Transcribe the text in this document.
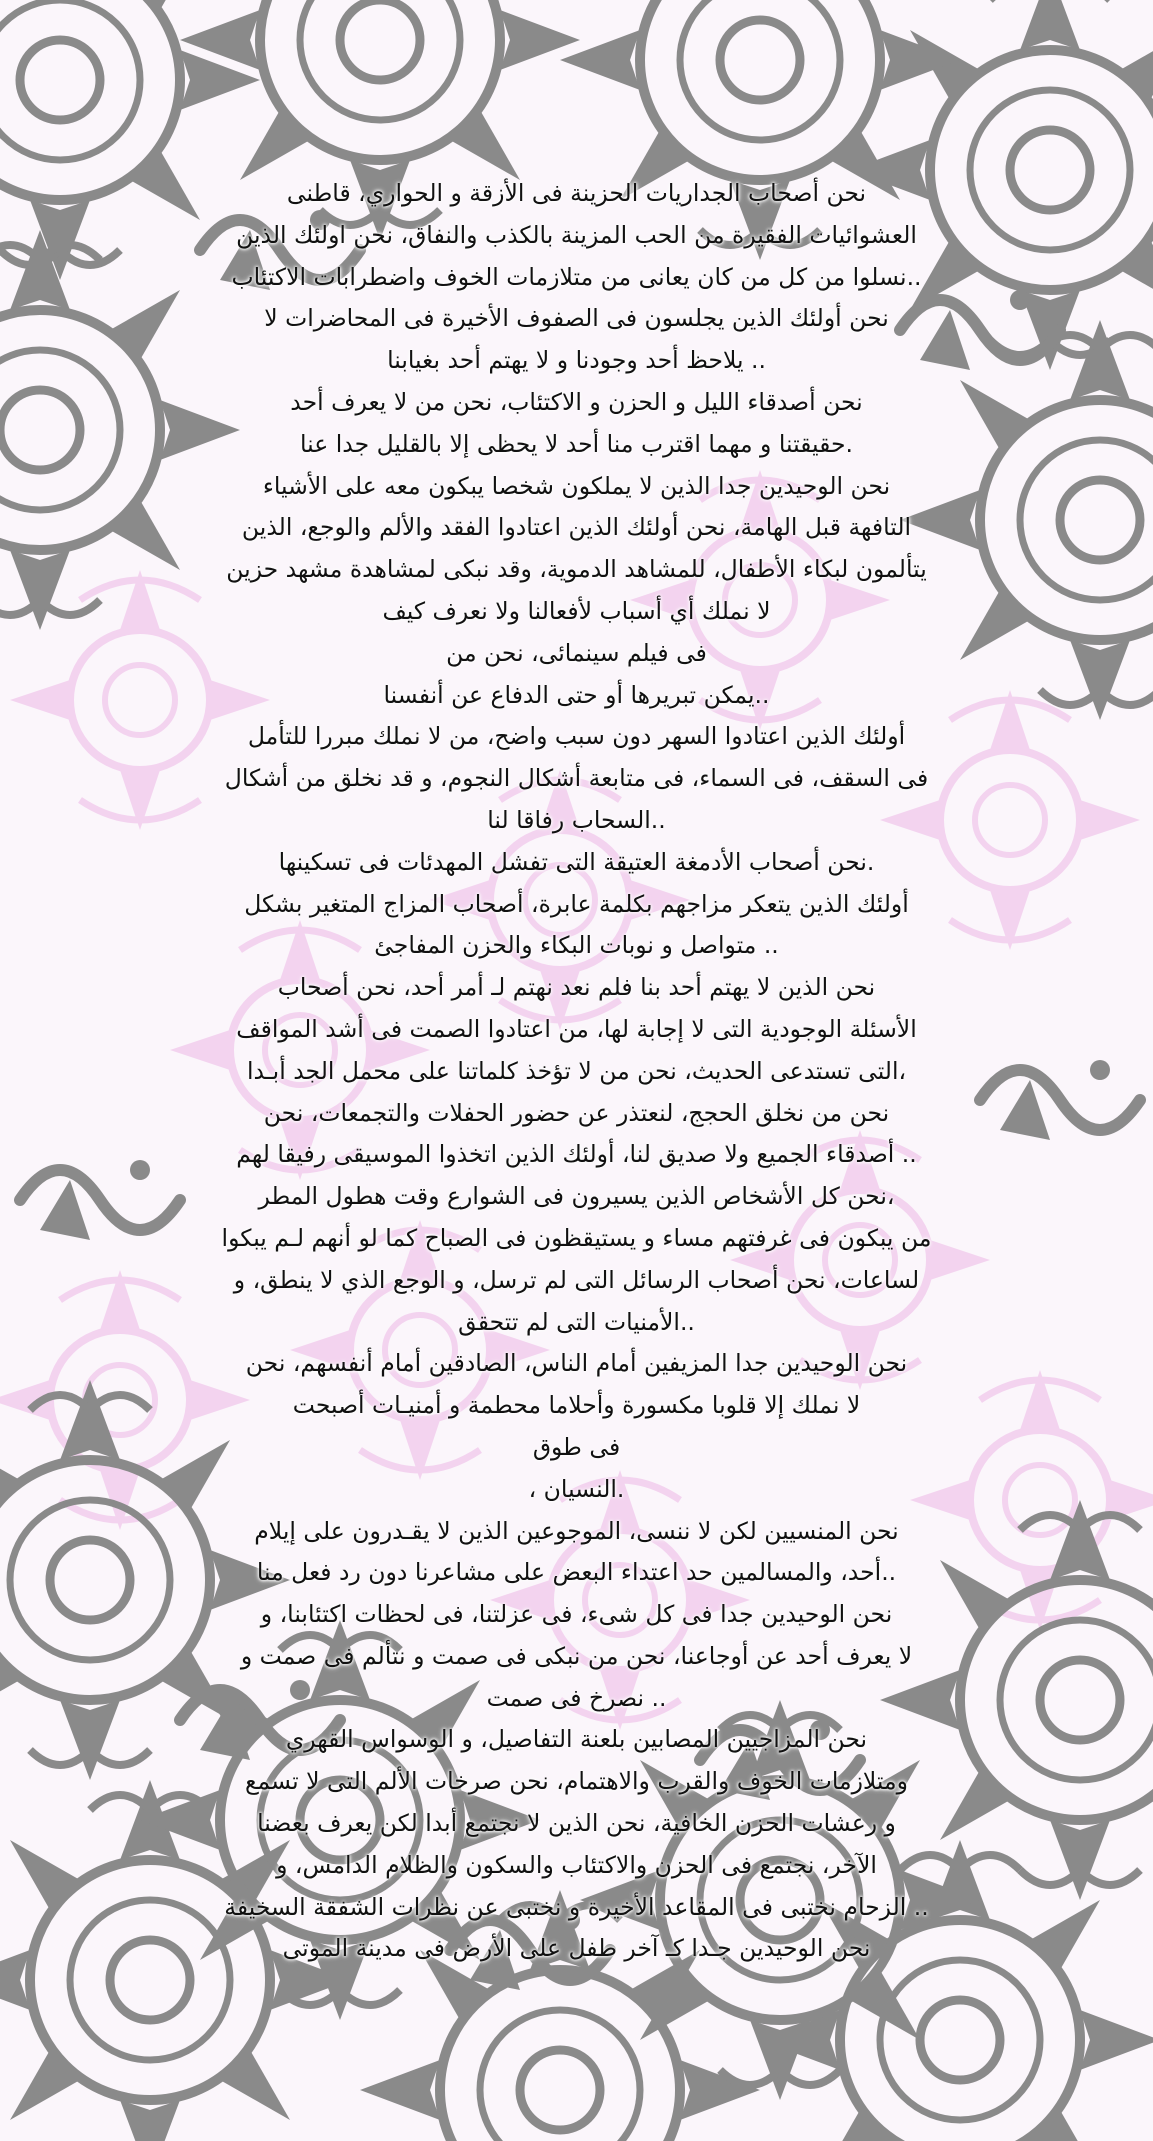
نحن أصحاب الجداريات الحزينة فى الأزقة و الحواري، قاطنى
العشوائيات الفقيرة من الحب المزينة بالكذب والنفاق، نحن اولئك الذين
..نسلوا من كل من كان يعانى من متلازمات الخوف واضطرابات الاكتئاب
نحن أولئك الذين يجلسون فى الصفوف الأخيرة فى المحاضرات لا
.. يلاحظ أحد وجودنا و لا يهتم أحد بغيابنا
نحن أصدقاء الليل و الحزن و الاكتئاب، نحن من لا يعرف أحد
.حقيقتنا و مهما اقترب منا أحد لا يحظى إلا بالقليل جدا عنا
نحن الوحيدين جدا الذين لا يملكون شخصا يبكون معه على الأشياء
التافهة قبل الهامة، نحن أولئك الذين اعتادوا الفقد والألم والوجع، الذين
يتألمون لبكاء الأطفال، للمشاهد الدموية، وقد نبكى لمشاهدة مشهد حزين
لا نملك أي أسباب لأفعالنا ولا نعرف كيف
فى فيلم سينمائى، نحن من
..يمكن تبريرها أو حتى الدفاع عن أنفسنا
أولئك الذين اعتادوا السهر دون سبب واضح، من لا نملك مبررا للتأمل
فى السقف، فى السماء، فى متابعة أشكال النجوم، و قد نخلق من أشكال
..السحاب رفاقا لنا
.نحن أصحاب الأدمغة العتيقة التى تفشل المهدئات فى تسكينها
أولئك الذين يتعكر مزاجهم بكلمة عابرة، أصحاب المزاج المتغير بشكل
.. متواصل و نوبات البكاء والحزن المفاجئ
نحن الذين لا يهتم أحد بنا فلم نعد نهتم لـ أمر أحد، نحن أصحاب
الأسئلة الوجودية التى لا إجابة لها، من اعتادوا الصمت فى أشد المواقف
،التى تستدعى الحديث، نحن من لا تؤخذ كلماتنا على محمل الجد أبـدا
نحن من نخلق الحجج، لنعتذر عن حضور الحفلات والتجمعات، نحن
.. أصدقاء الجميع ولا صديق لنا، أولئك الذين اتخذوا الموسيقى رفيقا لهم
،نحن كل الأشخاص الذين يسيرون فى الشوارع وقت هطول المطر
من يبكون فى غرفتهم مساء و يستيقظون فى الصباح كما لو أنهم لـم يبكوا
لساعات، نحن أصحاب الرسائل التى لم ترسل، و الوجع الذي لا ينطق، و
..الأمنيات التى لم تتحقق
نحن الوحيدين جدا المزيفين أمام الناس، الصادقين أمام أنفسهم، نحن
لا نملك إلا قلوبا مكسورة وأحلاما محطمة و أمنيـات أصبحت
فى طوق
.النسيان ،
نحن المنسيين لكن لا ننسى، الموجوعين الذين لا يقـدرون على إيلام
..أحد، والمسالمين حد اعتداء البعض على مشاعرنا دون رد فعل منا
نحن الوحيدين جدا فى كل شىء، فى عزلتنا، فى لحظات اكتئابنا، و
لا يعرف أحد عن أوجاعنا، نحن من نبكى فى صمت و نتألم فى صمت و
.. نصرخ فى صمت
نحن المزاجيين المصابين بلعنة التفاصيل، و الوسواس القهري
ومتلازمات الخوف والقرب والاهتمام، نحن صرخات الألم التى لا تسمع
و رعشات الحزن الخافية، نحن الذين لا نجتمع أبدا لكن يعرف بعضنا
الآخر، نجتمع فى الحزن والاكتئاب والسكون والظلام الدامس، و
.. الزحام نختبى فى المقاعد الأخيرة و نختبى عن نظرات الشفقة السخيفة
نحن الوحيدين جـدا كـ آخر طفل على الأرض فى مدينة الموتى
